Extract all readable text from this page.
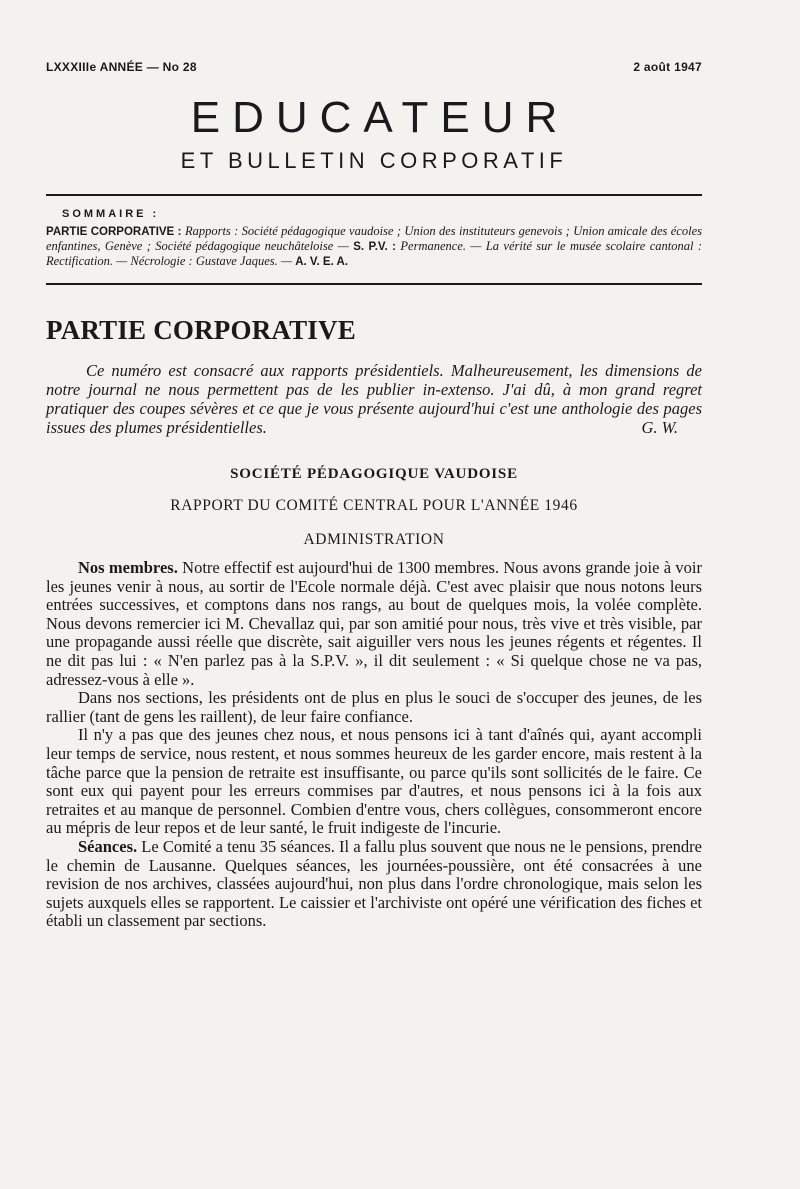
LXXXIIIe ANNÉE — No 28	2 août 1947
EDUCATEUR
ET BULLETIN CORPORATIF
SOMMAIRE :
PARTIE CORPORATIVE : Rapports : Société pédagogique vaudoise ; Union des instituteurs genevois ; Union amicale des écoles enfantines, Genève ; Société pédagogique neuchâteloise — S. P.V. : Permanence. — La vérité sur le musée scolaire cantonal : Rectification. — Nécrologie : Gustave Jaques. — A. V. E. A.
PARTIE CORPORATIVE
Ce numéro est consacré aux rapports présidentiels. Malheureusement, les dimensions de notre journal ne nous permettent pas de les publier in-extenso. J'ai dû, à mon grand regret pratiquer des coupes sévères et ce que je vous présente aujourd'hui c'est une anthologie des pages issues des plumes présidentielles.	G. W.
SOCIÉTÉ PÉDAGOGIQUE VAUDOISE
RAPPORT DU COMITÉ CENTRAL POUR L'ANNÉE 1946
ADMINISTRATION

Nos membres. Notre effectif est aujourd'hui de 1300 membres. Nous avons grande joie à voir les jeunes venir à nous, au sortir de l'Ecole normale déjà. C'est avec plaisir que nous notons leurs entrées successives, et comptons dans nos rangs, au bout de quelques mois, la volée complète. Nous devons remercier ici M. Chevallaz qui, par son amitié pour nous, très vive et très visible, par une propagande aussi réelle que discrète, sait aiguiller vers nous les jeunes régents et régentes. Il ne dit pas lui : « N'en parlez pas à la S.P.V. », il dit seulement : « Si quelque chose ne va pas, adressez-vous à elle ».

Dans nos sections, les présidents ont de plus en plus le souci de s'occuper des jeunes, de les rallier (tant de gens les raillent), de leur faire confiance.

Il n'y a pas que des jeunes chez nous, et nous pensons ici à tant d'aînés qui, ayant accompli leur temps de service, nous restent, et nous sommes heureux de les garder encore, mais restent à la tâche parce que la pension de retraite est insuffisante, ou parce qu'ils sont sollicités de le faire. Ce sont eux qui payent pour les erreurs commises par d'autres, et nous pensons ici à la fois aux retraites et au manque de personnel. Combien d'entre vous, chers collègues, consommeront encore au mépris de leur repos et de leur santé, le fruit indigeste de l'incurie.

Séances. Le Comité a tenu 35 séances. Il a fallu plus souvent que nous ne le pensions, prendre le chemin de Lausanne. Quelques séances, les journées-poussière, ont été consacrées à une revision de nos archives, classées aujourd'hui, non plus dans l'ordre chronologique, mais selon les sujets auxquels elles se rapportent. Le caissier et l'archiviste ont opéré une vérification des fiches et établi un classement par sections.
